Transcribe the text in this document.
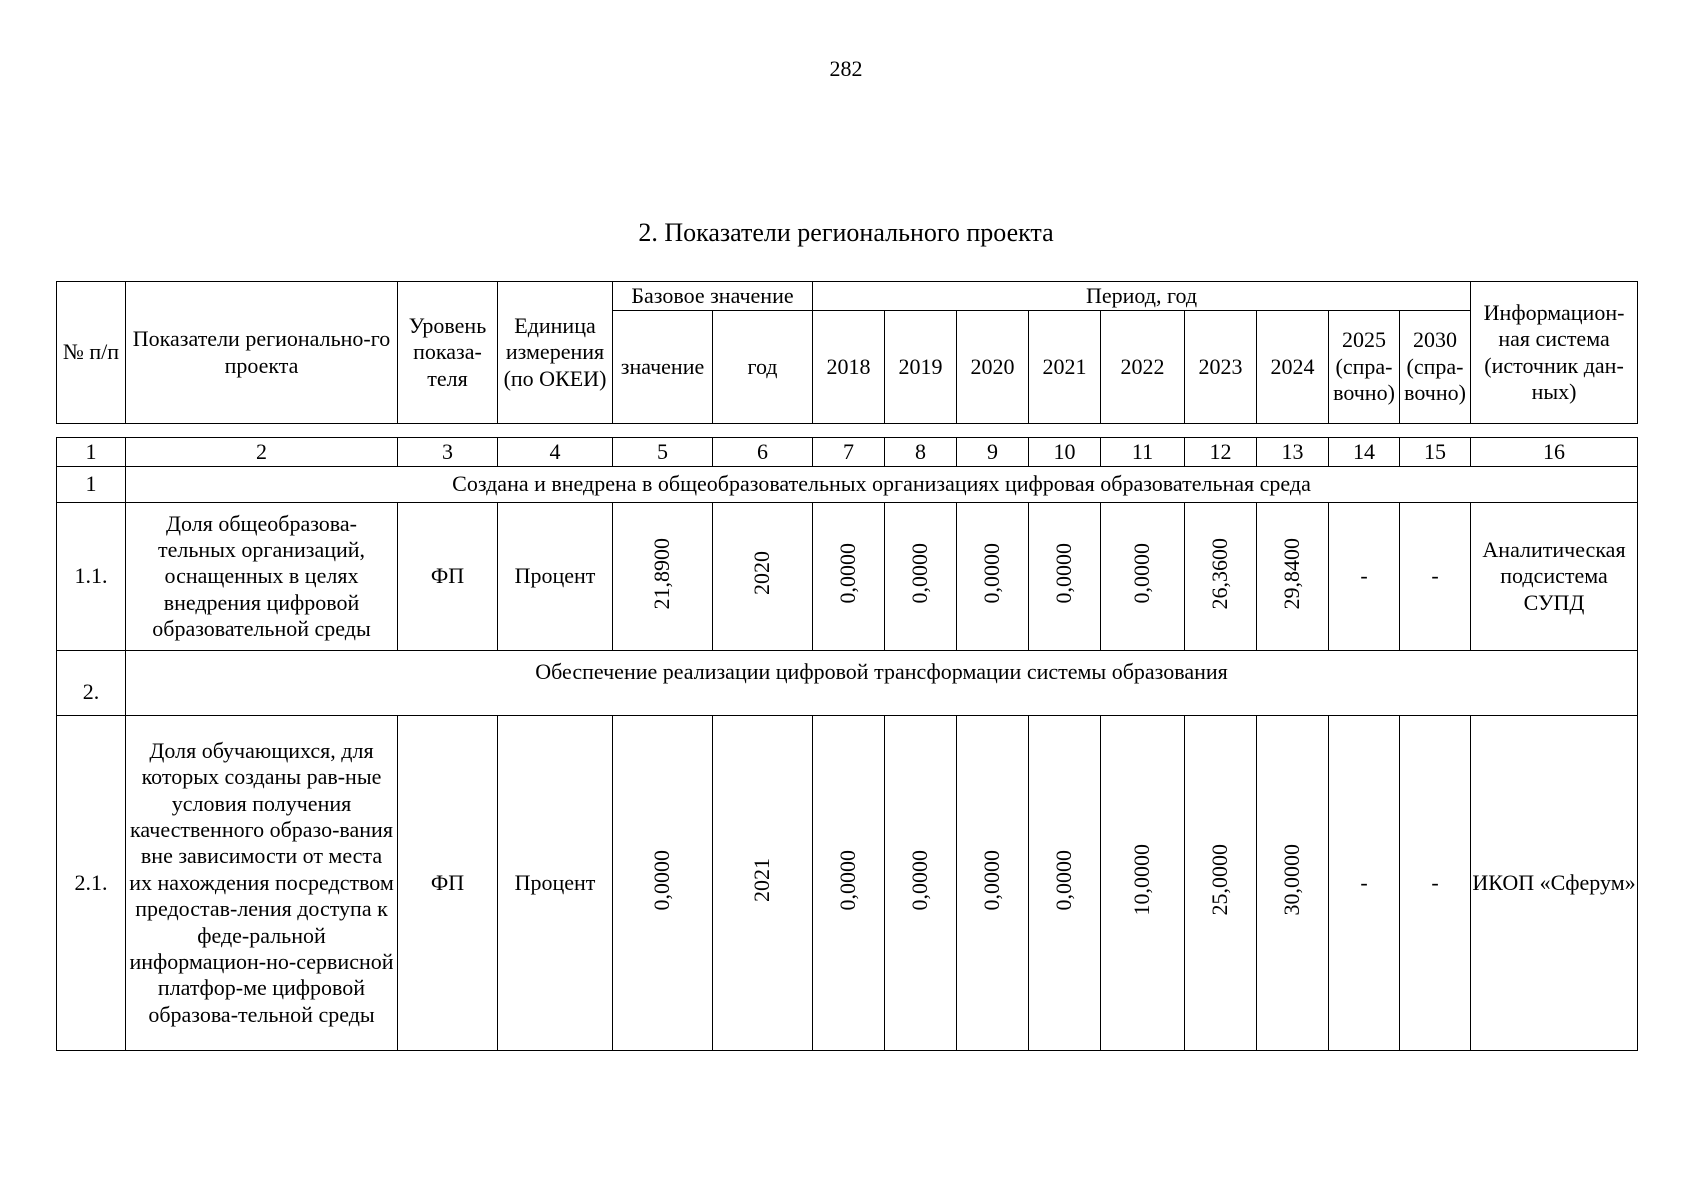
282
2. Показатели регионального проекта
№ п/п	Показатели регионально-го проекта	Уровень показа-теля	Единица измерения (по ОКЕИ)	Базовое значение		Период, год									Информацион-ная система (источник дан-ных)
				значение	год	2018	2019	2020	2021	2022	2023	2024	2025 (спра-вочно)	2030 (спра-вочно)	
1	2	3	4	5	6	7	8	9	10	11	12	13	14	15	16
1	Создана и внедрена в общеобразовательных организациях цифровая образовательная среда														
1.1.	Доля общеобразова-тельных организаций, оснащенных в целях внедрения цифровой образовательной среды	ФП	Процент	21,8900	2020	0,0000	0,0000	0,0000	0,0000	0,0000	26,3600	29,8400	-	-	Аналитическая подсистема СУПД
2.	Обеспечение реализации цифровой трансформации системы образования														
2.1.	Доля обучающихся, для которых созданы рав-ные условия получения качественного образо-вания вне зависимости от места их нахождения посредством предостав-ления доступа к феде-ральной информацион-но-сервисной платфор-ме цифровой образова-тельной среды	ФП	Процент	0,0000	2021	0,0000	0,0000	0,0000	0,0000	10,0000	25,0000	30,0000	-	-	ИКОП «Сферум»
